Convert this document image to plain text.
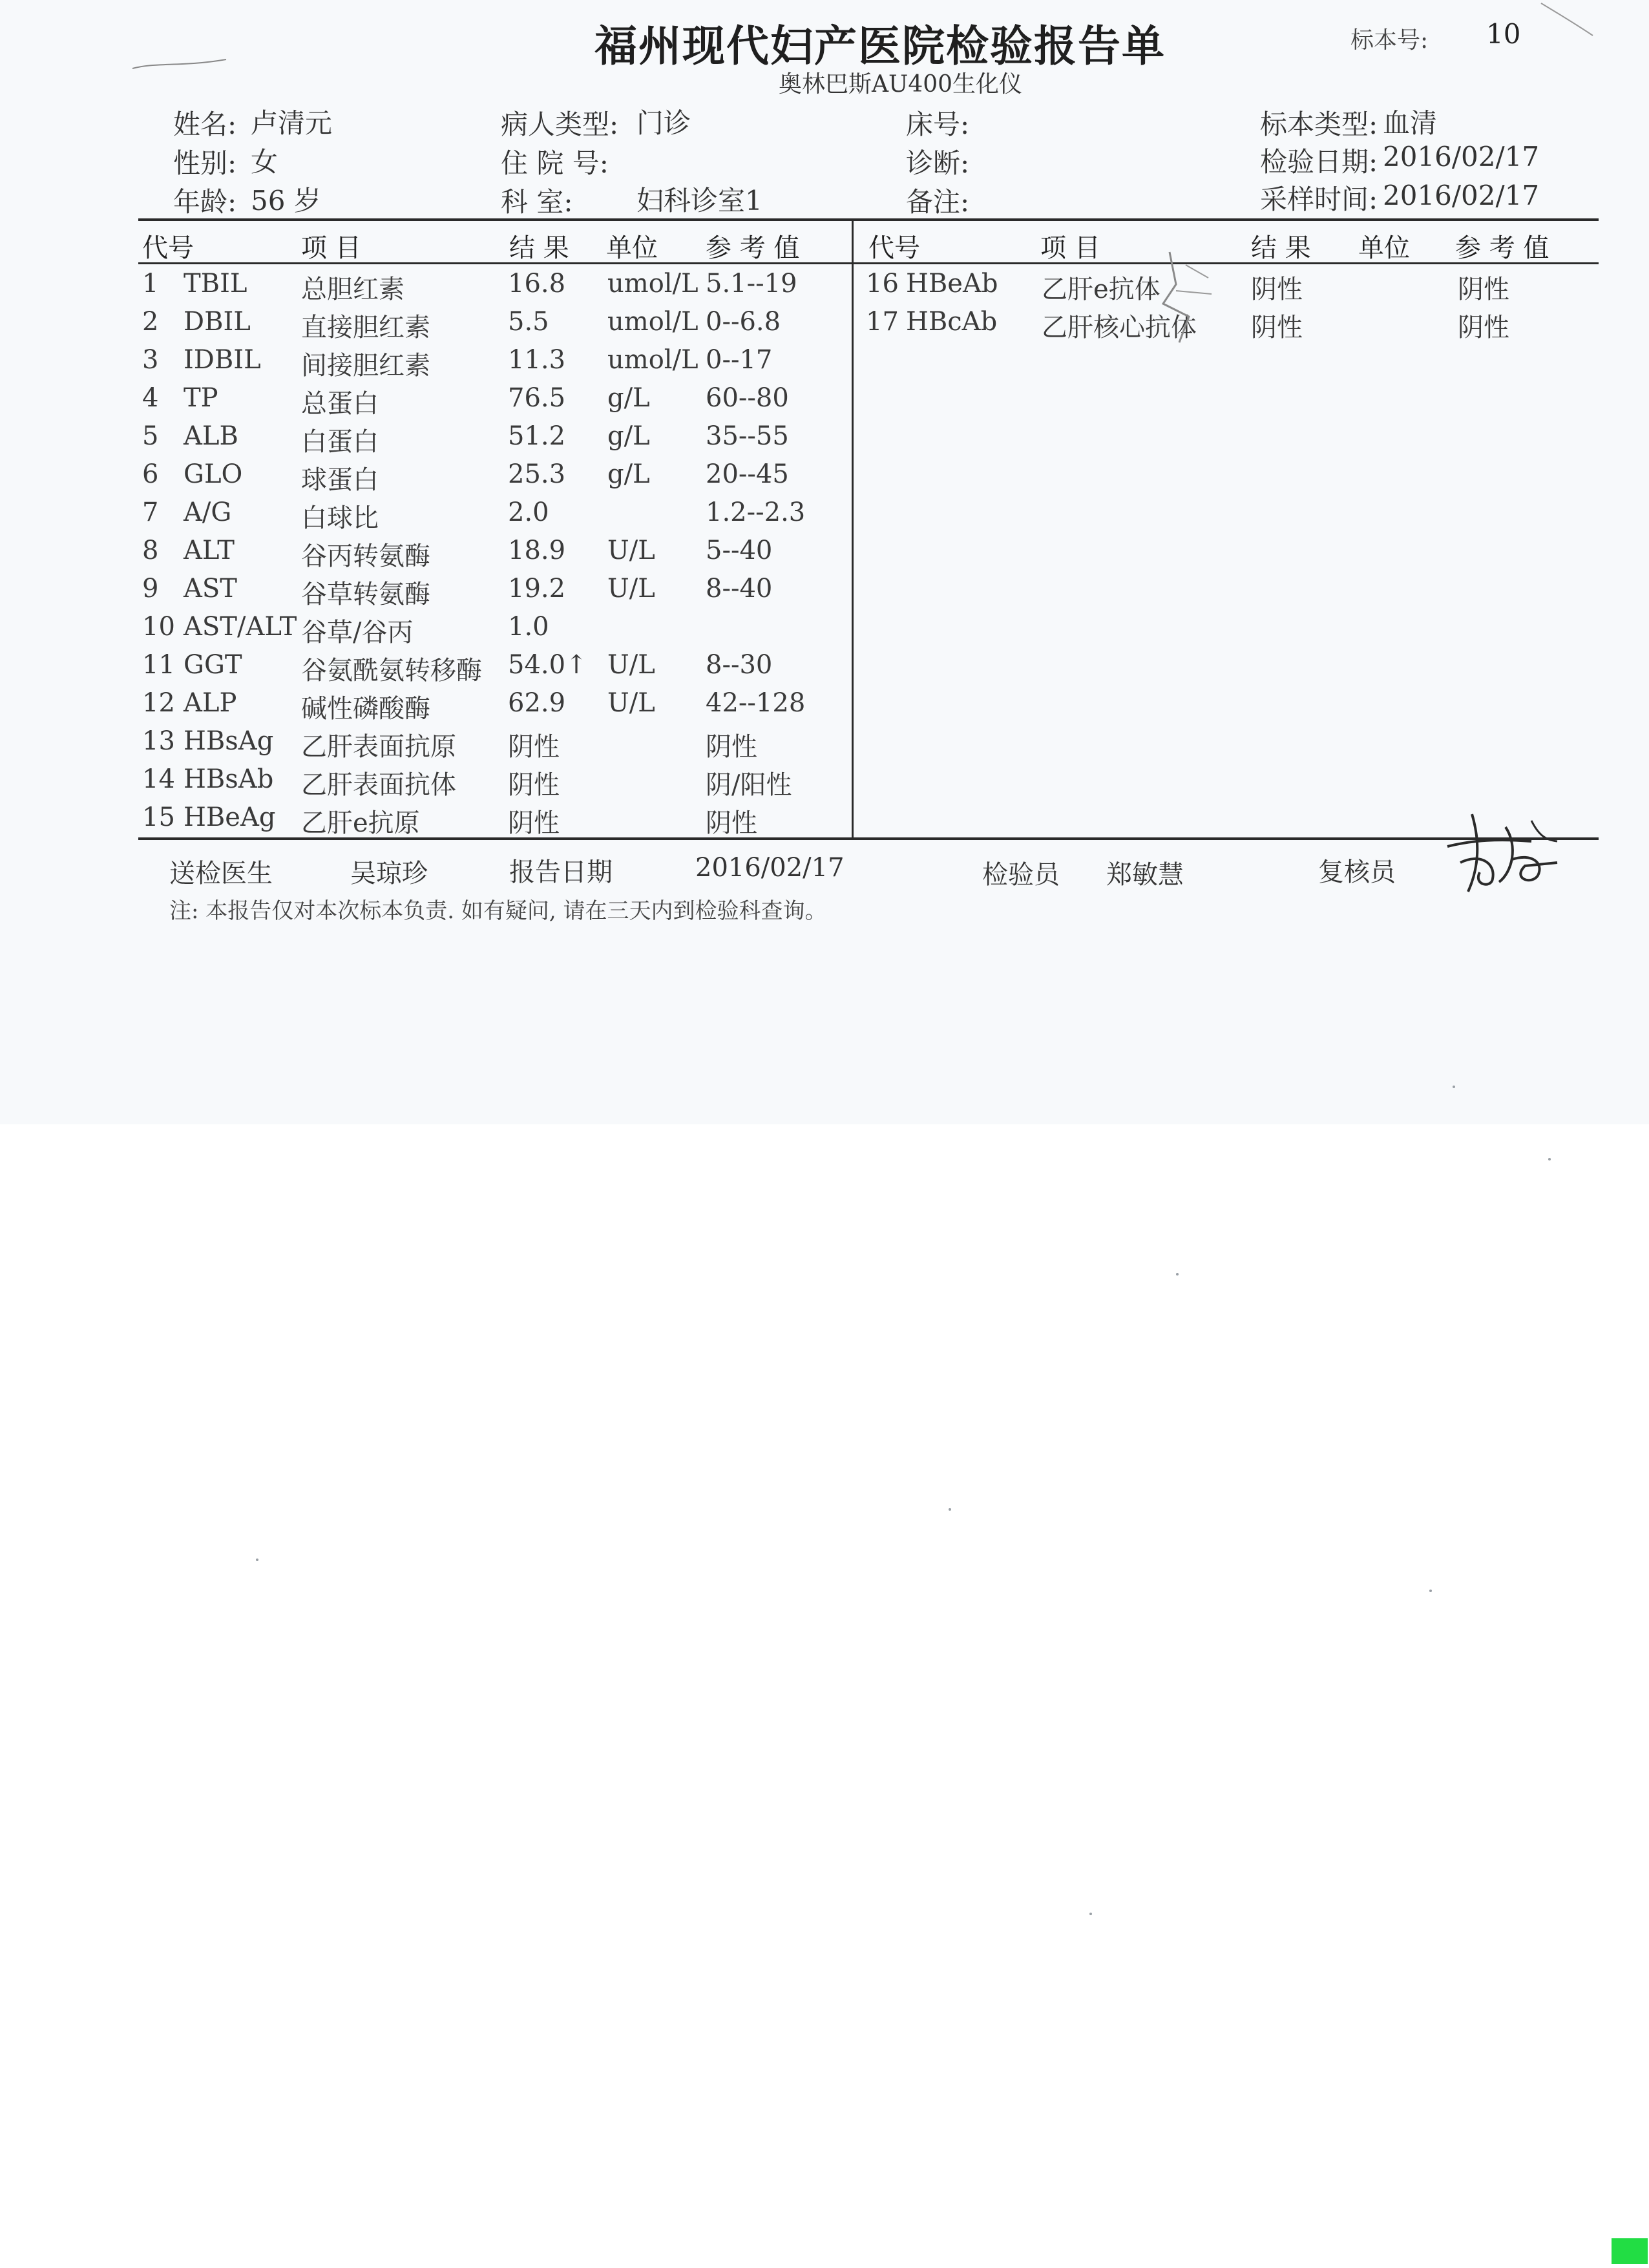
福州现代妇产医院检验报告单
奥林巴斯AU400生化仪
标本号: 10
姓名: 卢清元
性别: 女
年龄: 56 岁
病人类型: 门诊
住 院 号:
科 室: 妇科诊室1
床号:
诊断:
备注:
标本类型: 血清
检验日期: 2016/02/17
采样时间: 2016/02/17
代号	项 目	结 果 单位 参 考 值	代号	项 目	结 果 单位 参 考 值
1 TBIL 总胆红素	16.8 umol/L 5.1--19
2 DBIL 直接胆红素	5.5 umol/L 0--6.8
3 IDBIL 间接胆红素	11.3 umol/L 0--17
4 TP	总蛋白	76.5 g/L 60--80
5 ALB 白蛋白	51.2 g/L 35--55
6 GLO 球蛋白	25.3 g/L 20--45
7 A/G	白球比	2.0	1.2--2.3
8 ALT	谷丙转氨酶	18.9 U/L 5--40
9 AST 谷草转氨酶	19.2 U/L 8--40
10 AST/ALT 谷草/谷丙	1.0
11 GGT 谷氨酰氨转移酶 54.0↑ U/L 8--30
12 ALP 碱性磷酸酶	62.9 U/L 42--128
13 HBsAg 乙肝表面抗原 阴性	阴性
14 HBsAb 乙肝表面抗体 阴性	阴/阳性
15 HBeAg 乙肝e抗原	阴性	阴性
16 HBeAb 乙肝e抗体	阴性	阴性
17 HBcAb 乙肝核心抗体 阴性	阴性
送检医生	吴琼珍	报告日期	2016/02/17	检验员 郑敏慧	复核员
注: 本报告仅对本次标本负责. 如有疑问, 请在三天内到检验科查询。
